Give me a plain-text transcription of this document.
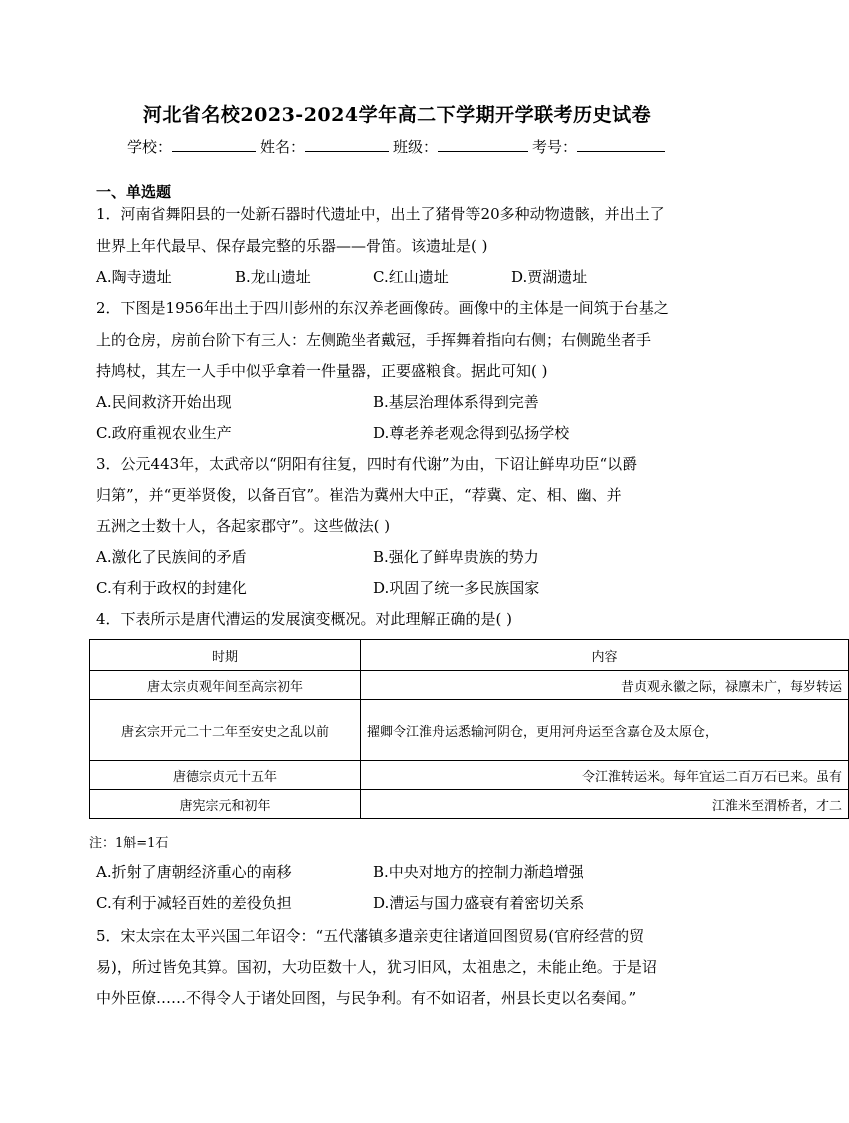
河北省名校2023-2024学年高二下学期开学联考历史试卷
学校：	姓名：	班级：	考号：
一、单选题
1．河南省舞阳县的一处新石器时代遗址中，出土了猪骨等20多种动物遗骸，并出土了
世界上年代最早、保存最完整的乐器——骨笛。该遗址是( )
A.陶寺遗址	B.龙山遗址	C.红山遗址	D.贾湖遗址
2．下图是1956年出土于四川彭州的东汉养老画像砖。画像中的主体是一间筑于台基之
上的仓房，房前台阶下有三人：左侧跪坐者戴冠，手挥舞着指向右侧；右侧跪坐者手
持鸠杖，其左一人手中似乎拿着一件量器，正要盛粮食。据此可知( )
A.民间救济开始出现	B.基层治理体系得到完善
C.政府重视农业生产	D.尊老养老观念得到弘扬学校
3．公元443年，太武帝以“阴阳有往复，四时有代谢”为由，下诏让鲜卑功臣“以爵
归第”，并“更举贤俊，以备百官”。崔浩为冀州大中正，“荐冀、定、相、幽、并
五洲之士数十人，各起家郡守”。这些做法( )
A.激化了民族间的矛盾	B.强化了鲜卑贵族的势力
C.有利于政权的封建化	D.巩固了统一多民族国家
4．下表所示是唐代漕运的发展演变概况。对此理解正确的是( )
时期	内容
唐太宗贞观年间至高宗初年	昔贞观永徽之际，禄廪未广，每岁转运
唐玄宗开元二十二年至安史之乱以前	擢卿令江淮舟运悉输河阴仓，更用河舟运至含嘉仓及太原仓，
唐德宗贞元十五年	令江淮转运米。每年宜运二百万石已来。虽有
唐宪宗元和初年	江淮米至渭桥者，才二
注：1斛=1石
A.折射了唐朝经济重心的南移	B.中央对地方的控制力渐趋增强
C.有利于减轻百姓的差役负担	D.漕运与国力盛衰有着密切关系
5．宋太宗在太平兴国二年诏令：“五代藩镇多遣亲吏往诸道回图贸易(官府经营的贸
易)，所过皆免其算。国初，大功臣数十人，犹习旧风，太祖患之，未能止绝。于是诏
中外臣僚……不得令人于诸处回图，与民争利。有不如诏者，州县长吏以名奏闻。”
